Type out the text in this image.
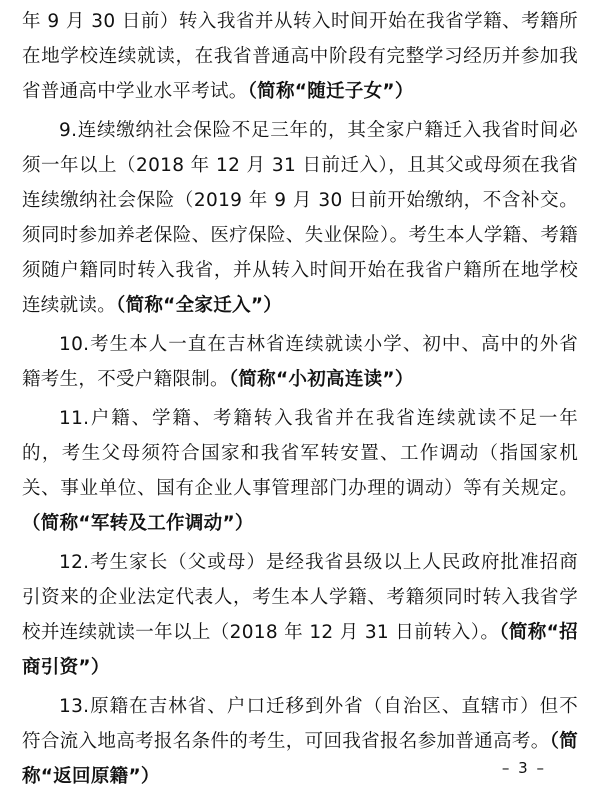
年 9 月 30 日前）转入我省并从转入时间开始在我省学籍、考籍所在地学校连续就读，在我省普通高中阶段有完整学习经历并参加我省普通高中学业水平考试。（简称“随迁子女”）

9.连续缴纳社会保险不足三年的，其全家户籍迁入我省时间必须一年以上（2018 年 12 月 31 日前迁入），且其父或母须在我省连续缴纳社会保险（2019 年 9 月 30 日前开始缴纳，不含补交。须同时参加养老保险、医疗保险、失业保险）。考生本人学籍、考籍须随户籍同时转入我省，并从转入时间开始在我省户籍所在地学校连续就读。（简称“全家迁入”）

10.考生本人一直在吉林省连续就读小学、初中、高中的外省籍考生，不受户籍限制。（简称“小初高连读”）

11.户籍、学籍、考籍转入我省并在我省连续就读不足一年的，考生父母须符合国家和我省军转安置、工作调动（指国家机关、事业单位、国有企业人事管理部门办理的调动）等有关规定。（简称“军转及工作调动”）

12.考生家长（父或母）是经我省县级以上人民政府批准招商引资来的企业法定代表人，考生本人学籍、考籍须同时转入我省学校并连续就读一年以上（2018 年 12 月 31 日前转入）。（简称“招商引资”）

13.原籍在吉林省、户口迁移到外省（自治区、直辖市）但不符合流入地高考报名条件的考生，可回我省报名参加普通高考。（简称“返回原籍”）	– 3 –
